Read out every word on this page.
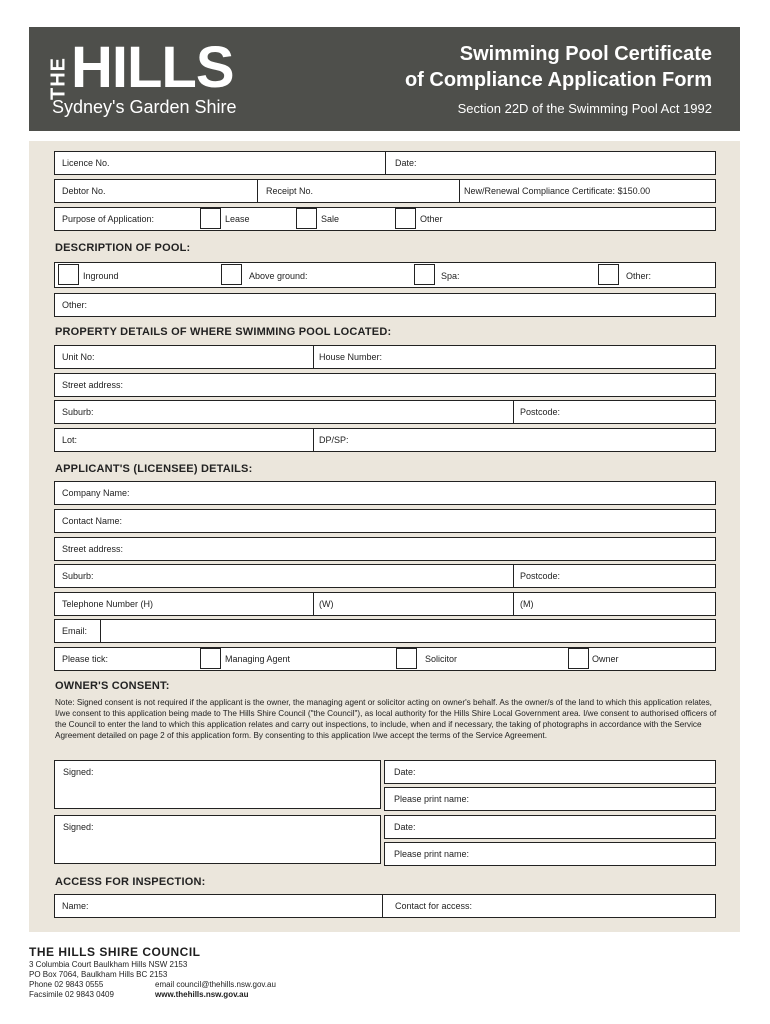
THE HILLS
Sydney's Garden Shire
Swimming Pool Certificate
of Compliance Application Form
Section 22D of the Swimming Pool Act 1992
Licence No.	Date:
Debtor No.	Receipt No.	New/Renewal Compliance Certificate: $150.00
Purpose of Application:	Lease	Sale	Other
DESCRIPTION OF POOL:
Inground	Above ground:	Spa:	Other:
Other:
PROPERTY DETAILS OF WHERE SWIMMING POOL LOCATED:
Unit No:	House Number:
Street address:
Suburb:	Postcode:
Lot:	DP/SP:
APPLICANT'S (LICENSEE) DETAILS:
Company Name:
Contact Name:
Street address:
Suburb:	Postcode:
Telephone Number (H)	(W)	(M)
Email:
Please tick:	Managing Agent	Solicitor	Owner
OWNER'S CONSENT:
Note: Signed consent is not required if the applicant is the owner, the managing agent or solicitor acting on owner's behalf. As the owner/s of the land to which this application relates, I/we consent to this application being made to The Hills Shire Council ("the Council"), as local authority for the Hills Shire Local Government area. I/we consent to authorised officers of the Council to enter the land to which this application relates and carry out inspections, to include, when and if necessary, the taking of photographs in accordance with the Service Agreement detailed on page 2 of this application form. By consenting to this application I/we accept the terms of the Service Agreement.
Signed:	Date:
Please print name:
Signed:	Date:
Please print name:
ACCESS FOR INSPECTION:
Name:	Contact for access:
THE HILLS SHIRE COUNCIL
3 Columbia Court Baulkham Hills NSW 2153
PO Box 7064, Baulkham Hills BC 2153
Phone 02 9843 0555	email council@thehills.nsw.gov.au
Facsimile 02 9843 0409	www.thehills.nsw.gov.au
